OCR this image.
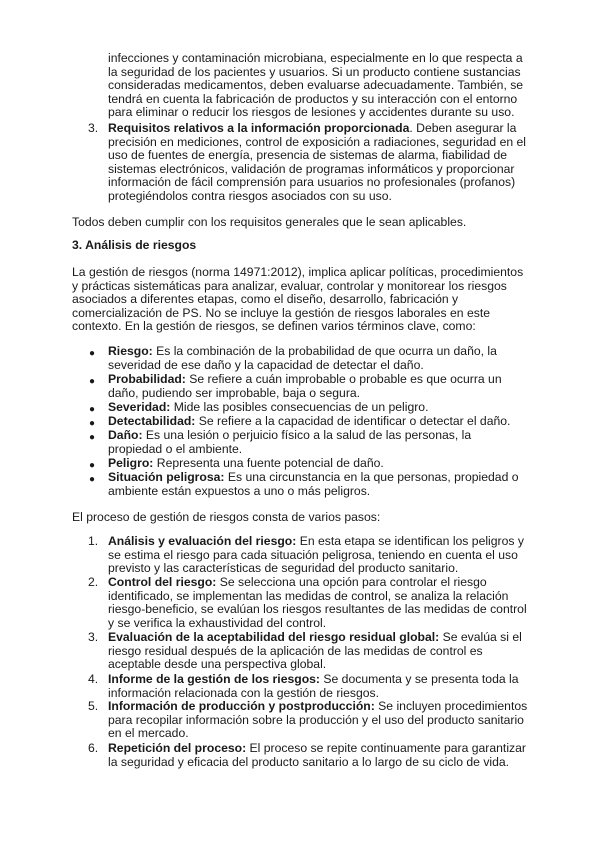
infecciones y contaminación microbiana, especialmente en lo que respecta a la seguridad de los pacientes y usuarios. Si un producto contiene sustancias consideradas medicamentos, deben evaluarse adecuadamente. También, se tendrá en cuenta la fabricación de productos y su interacción con el entorno para eliminar o reducir los riesgos de lesiones y accidentes durante su uso.
3. Requisitos relativos a la información proporcionada. Deben asegurar la precisión en mediciones, control de exposición a radiaciones, seguridad en el uso de fuentes de energía, presencia de sistemas de alarma, fiabilidad de sistemas electrónicos, validación de programas informáticos y proporcionar información de fácil comprensión para usuarios no profesionales (profanos) protegiéndolos contra riesgos asociados con su uso.
Todos deben cumplir con los requisitos generales que le sean aplicables.
3. Análisis de riesgos
La gestión de riesgos (norma 14971:2012), implica aplicar políticas, procedimientos y prácticas sistemáticas para analizar, evaluar, controlar y monitorear los riesgos asociados a diferentes etapas, como el diseño, desarrollo, fabricación y comercialización de PS. No se incluye la gestión de riesgos laborales en este contexto. En la gestión de riesgos, se definen varios términos clave, como:
● Riesgo: Es la combinación de la probabilidad de que ocurra un daño, la severidad de ese daño y la capacidad de detectar el daño.
● Probabilidad: Se refiere a cuán improbable o probable es que ocurra un daño, pudiendo ser improbable, baja o segura.
● Severidad: Mide las posibles consecuencias de un peligro.
● Detectabilidad: Se refiere a la capacidad de identificar o detectar el daño.
● Daño: Es una lesión o perjuicio físico a la salud de las personas, la propiedad o el ambiente.
● Peligro: Representa una fuente potencial de daño.
● Situación peligrosa: Es una circunstancia en la que personas, propiedad o ambiente están expuestos a uno o más peligros.
El proceso de gestión de riesgos consta de varios pasos:
1. Análisis y evaluación del riesgo: En esta etapa se identifican los peligros y se estima el riesgo para cada situación peligrosa, teniendo en cuenta el uso previsto y las características de seguridad del producto sanitario.
2. Control del riesgo: Se selecciona una opción para controlar el riesgo identificado, se implementan las medidas de control, se analiza la relación riesgo-beneficio, se evalúan los riesgos resultantes de las medidas de control y se verifica la exhaustividad del control.
3. Evaluación de la aceptabilidad del riesgo residual global: Se evalúa si el riesgo residual después de la aplicación de las medidas de control es aceptable desde una perspectiva global.
4. Informe de la gestión de los riesgos: Se documenta y se presenta toda la información relacionada con la gestión de riesgos.
5. Información de producción y postproducción: Se incluyen procedimientos para recopilar información sobre la producción y el uso del producto sanitario en el mercado.
6. Repetición del proceso: El proceso se repite continuamente para garantizar la seguridad y eficacia del producto sanitario a lo largo de su ciclo de vida.
